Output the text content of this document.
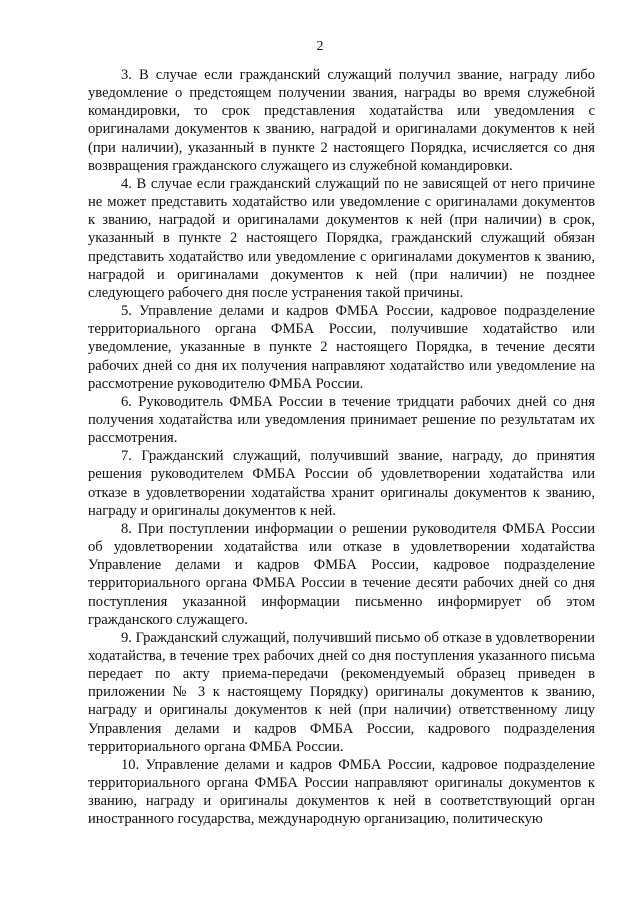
2

3. В случае если гражданский служащий получил звание, награду либо уведомление о предстоящем получении звания, награды во время служебной командировки, то срок представления ходатайства или уведомления с оригиналами документов к званию, наградой и оригиналами документов к ней (при наличии), указанный в пункте 2 настоящего Порядка, исчисляется со дня возвращения гражданского служащего из служебной командировки.

4. В случае если гражданский служащий по не зависящей от него причине не может представить ходатайство или уведомление с оригиналами документов к званию, наградой и оригиналами документов к ней (при наличии) в срок, указанный в пункте 2 настоящего Порядка, гражданский служащий обязан представить ходатайство или уведомление с оригиналами документов к званию, наградой и оригиналами документов к ней (при наличии) не позднее следующего рабочего дня после устранения такой причины.

5. Управление делами и кадров ФМБА России, кадровое подразделение территориального органа ФМБА России, получившие ходатайство или уведомление, указанные в пункте 2 настоящего Порядка, в течение десяти рабочих дней со дня их получения направляют ходатайство или уведомление на рассмотрение руководителю ФМБА России.

6. Руководитель ФМБА России в течение тридцати рабочих дней со дня получения ходатайства или уведомления принимает решение по результатам их рассмотрения.

7. Гражданский служащий, получивший звание, награду, до принятия решения руководителем ФМБА России об удовлетворении ходатайства или отказе в удовлетворении ходатайства хранит оригиналы документов к званию, награду и оригиналы документов к ней.

8. При поступлении информации о решении руководителя ФМБА России об удовлетворении ходатайства или отказе в удовлетворении ходатайства Управление делами и кадров ФМБА России, кадровое подразделение территориального органа ФМБА России в течение десяти рабочих дней со дня поступления указанной информации письменно информирует об этом гражданского служащего.

9. Гражданский служащий, получивший письмо об отказе в удовлетворении ходатайства, в течение трех рабочих дней со дня поступления указанного письма передает по акту приема-передачи (рекомендуемый образец приведен в приложении № 3 к настоящему Порядку) оригиналы документов к званию, награду и оригиналы документов к ней (при наличии) ответственному лицу Управления делами и кадров ФМБА России, кадрового подразделения территориального органа ФМБА России.

10. Управление делами и кадров ФМБА России, кадровое подразделение территориального органа ФМБА России направляют оригиналы документов к званию, награду и оригиналы документов к ней в соответствующий орган иностранного государства, международную организацию, политическую
